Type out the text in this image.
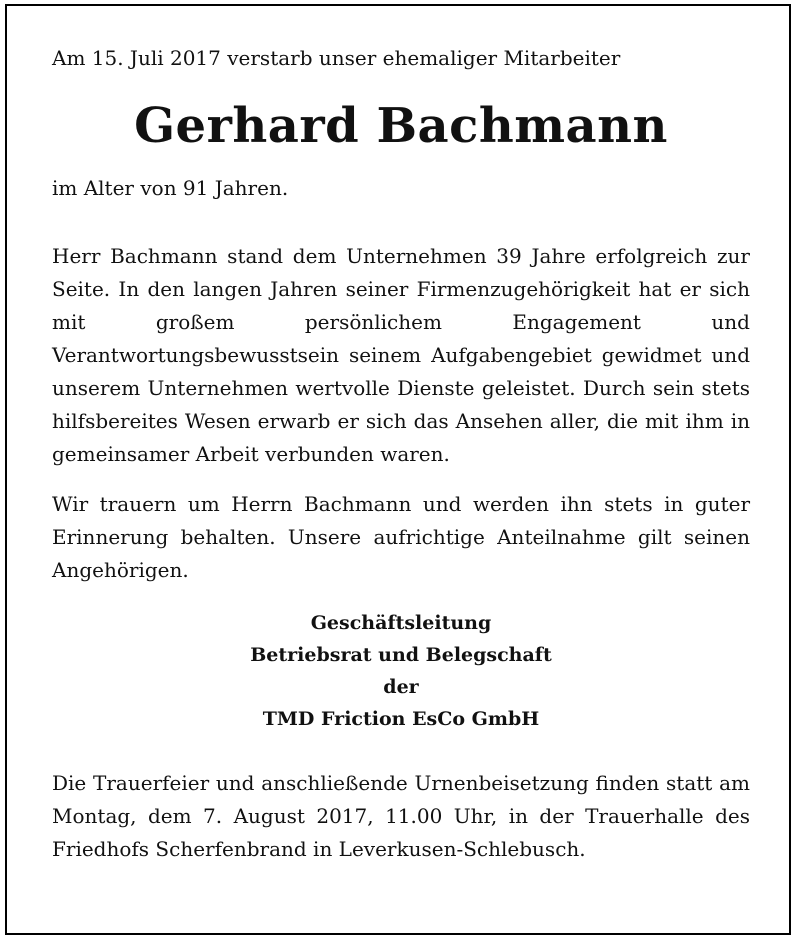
Am 15. Juli 2017 verstarb unser ehemaliger Mitarbeiter

Gerhard Bachmann

im Alter von 91 Jahren.

Herr Bachmann stand dem Unternehmen 39 Jahre erfolgreich zur Seite. In den langen Jahren seiner Firmenzugehörigkeit hat er sich mit großem persönlichem Engagement und Verantwortungsbewusstsein seinem Aufgabengebiet gewidmet und unserem Unternehmen wertvolle Dienste geleistet. Durch sein stets hilfsbereites Wesen erwarb er sich das Ansehen aller, die mit ihm in gemeinsamer Arbeit verbunden waren.

Wir trauern um Herrn Bachmann und werden ihn stets in guter Erinnerung behalten. Unsere aufrichtige Anteilnahme gilt seinen Angehörigen.

Geschäftsleitung
Betriebsrat und Belegschaft
der
TMD Friction EsCo GmbH

Die Trauerfeier und anschließende Urnenbeisetzung finden statt am Montag, dem 7. August 2017, 11.00 Uhr, in der Trauerhalle des Friedhofs Scherfenbrand in Leverkusen-Schlebusch.
